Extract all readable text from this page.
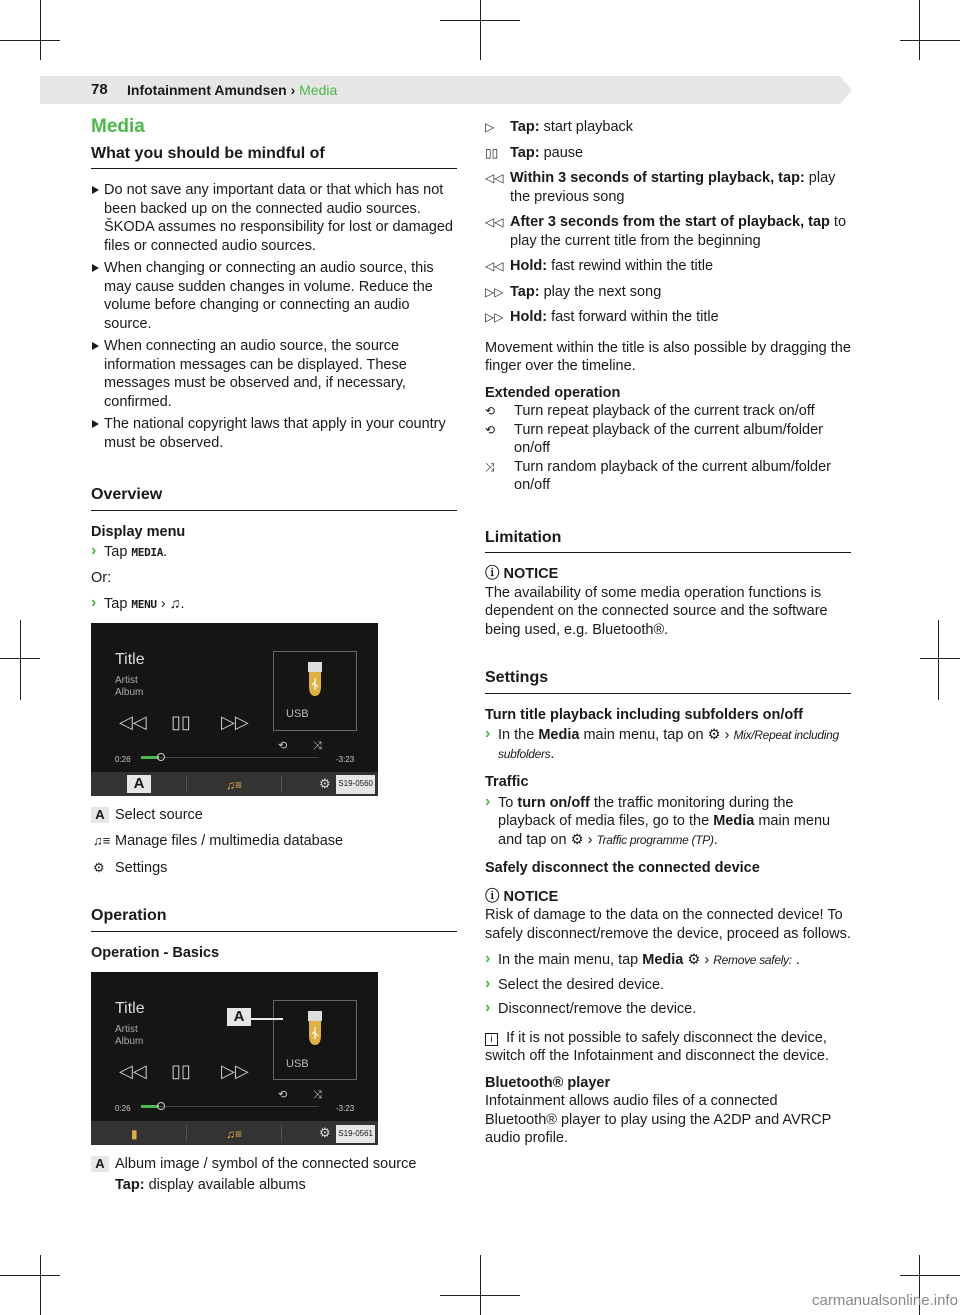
78 Infotainment Amundsen › Media
Media
What you should be mindful of
Do not save any important data or that which has not been backed up on the connected audio sources. ŠKODA assumes no responsibility for lost or damaged files or connected audio sources.
When changing or connecting an audio source, this may cause sudden changes in volume. Reduce the volume before changing or connecting an audio source.
When connecting an audio source, the source information messages can be displayed. These messages must be observed and, if necessary, confirmed.
The national copyright laws that apply in your country must be observed.
Overview
Display menu
› Tap MEDIA.

Or:

› Tap MENU › ♫.
Title
Artist
Album
USB
◁◁ ▯▯ ▷▷
⟲ ⤨
0:26	-3:23
♫≡	⚙
A	S19-0560
A Select source
♫≡ Manage files / multimedia database
⚙ Settings
Operation
Operation - Basics
Title
Artist
Album
USB
A
◁◁ ▯▯ ▷▷
⟲ ⤨
0:26	-3:23
▮	♫≡	⚙ S19-0561
A Album image / symbol of the connected source
Tap: display available albums
▷ Tap: start playback
▯▯ Tap: pause
◁◁ Within 3 seconds of starting playback, tap: play the previous song
◁◁ After 3 seconds from the start of playback, tap to play the current title from the beginning
◁◁ Hold: fast rewind within the title
▷▷ Tap: play the next song
▷▷ Hold: fast forward within the title

Movement within the title is also possible by dragging the finger over the timeline.

Extended operation
⟲ Turn repeat playback of the current track on/off
⟲ Turn repeat playback of the current album/folder on/off
⤨ Turn random playback of the current album/folder on/off
Limitation
ⓘ NOTICE
The availability of some media operation functions is dependent on the connected source and the software being used, e.g. Bluetooth®.
Settings
Turn title playback including subfolders on/off
› In the Media main menu, tap on ⚙ › Mix/Repeat including subfolders.
Traffic
› To turn on/off the traffic monitoring during the playback of media files, go to the Media main menu and tap on ⚙ › Traffic programme (TP).
Safely disconnect the connected device
ⓘ NOTICE
Risk of damage to the data on the connected device! To safely disconnect/remove the device, proceed as follows.
› In the main menu, tap Media ⚙ › Remove safely: .
› Select the desired device.
› Disconnect/remove the device.

i If it is not possible to safely disconnect the device, switch off the Infotainment and disconnect the device.

Bluetooth® player
Infotainment allows audio files of a connected Bluetooth® player to play using the A2DP and AVRCP audio profile.
carmanualsonline.info
